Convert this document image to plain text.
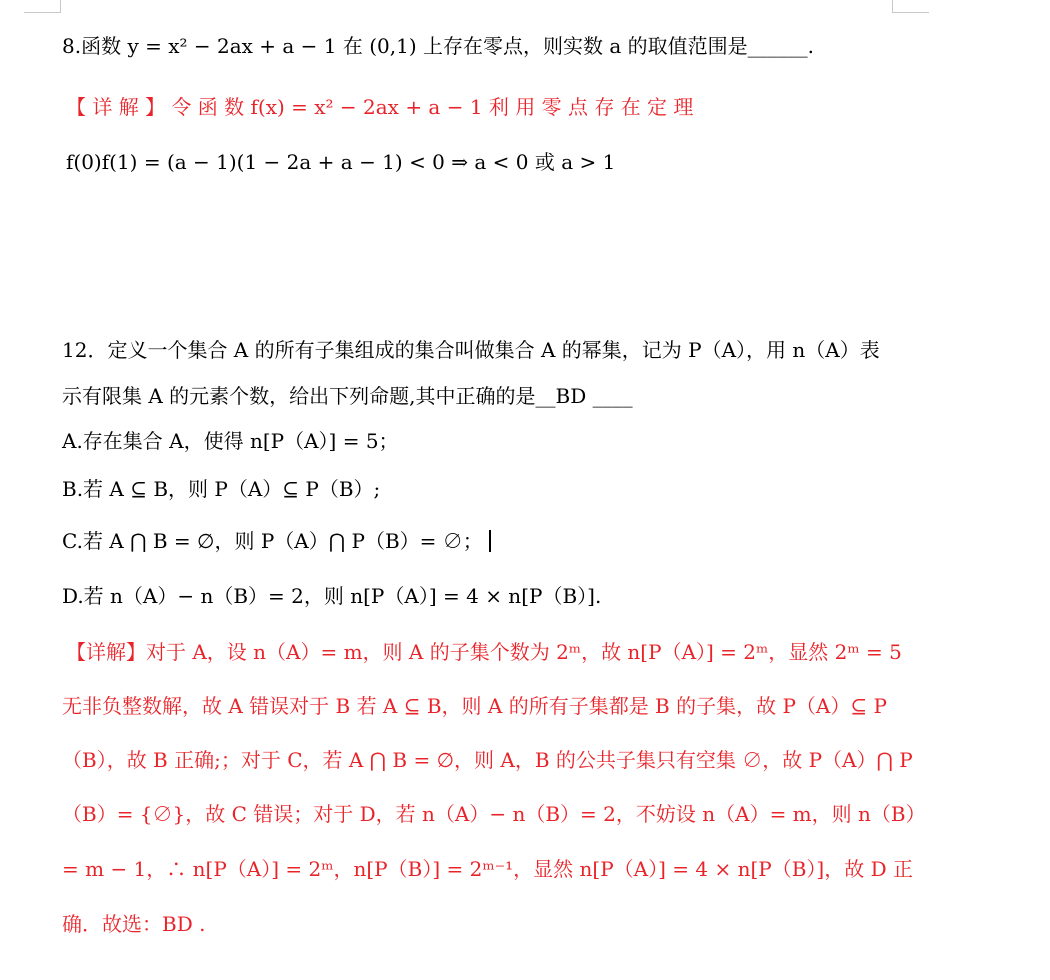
8.函数 y = x² − 2ax + a − 1 在 (0,1) 上存在零点，则实数 a 的取值范围是______.
【 详 解 】 令 函 数 f(x) = x² − 2ax + a − 1 利 用 零 点 存 在 定 理
f(0)f(1) = (a − 1)(1 − 2a + a − 1) < 0 ⇒ a < 0 或 a > 1
12．定义一个集合 A 的所有子集组成的集合叫做集合 A 的幂集，记为 P（A），用 n（A）表
示有限集 A 的元素个数，给出下列命题,其中正确的是__BD ____
A.存在集合 A，使得 n[P（A）] = 5；
B.若 A ⊆ B，则 P（A）⊆ P（B）;
C.若 A ⋂ B = ∅，则 P（A）⋂ P（B）= ∅；
D.若 n（A）− n（B）= 2，则 n[P（A）] = 4 × n[P（B）].
【详解】对于 A，设 n（A）= m，则 A 的子集个数为 2ᵐ，故 n[P（A）] = 2ᵐ，显然 2ᵐ = 5
无非负整数解，故 A 错误对于 B 若 A ⊆ B，则 A 的所有子集都是 B 的子集，故 P（A）⊆ P
（B），故 B 正确;；对于 C，若 A ⋂ B = ∅，则 A，B 的公共子集只有空集 ∅，故 P（A）⋂ P
（B）= {∅}，故 C 错误；对于 D，若 n（A）− n（B）= 2，不妨设 n（A）= m，则 n（B）
= m − 1，∴ n[P（A）] = 2ᵐ，n[P（B）] = 2ᵐ⁻¹，显然 n[P（A）] = 4 × n[P（B）]，故 D 正
确．故选：BD .
